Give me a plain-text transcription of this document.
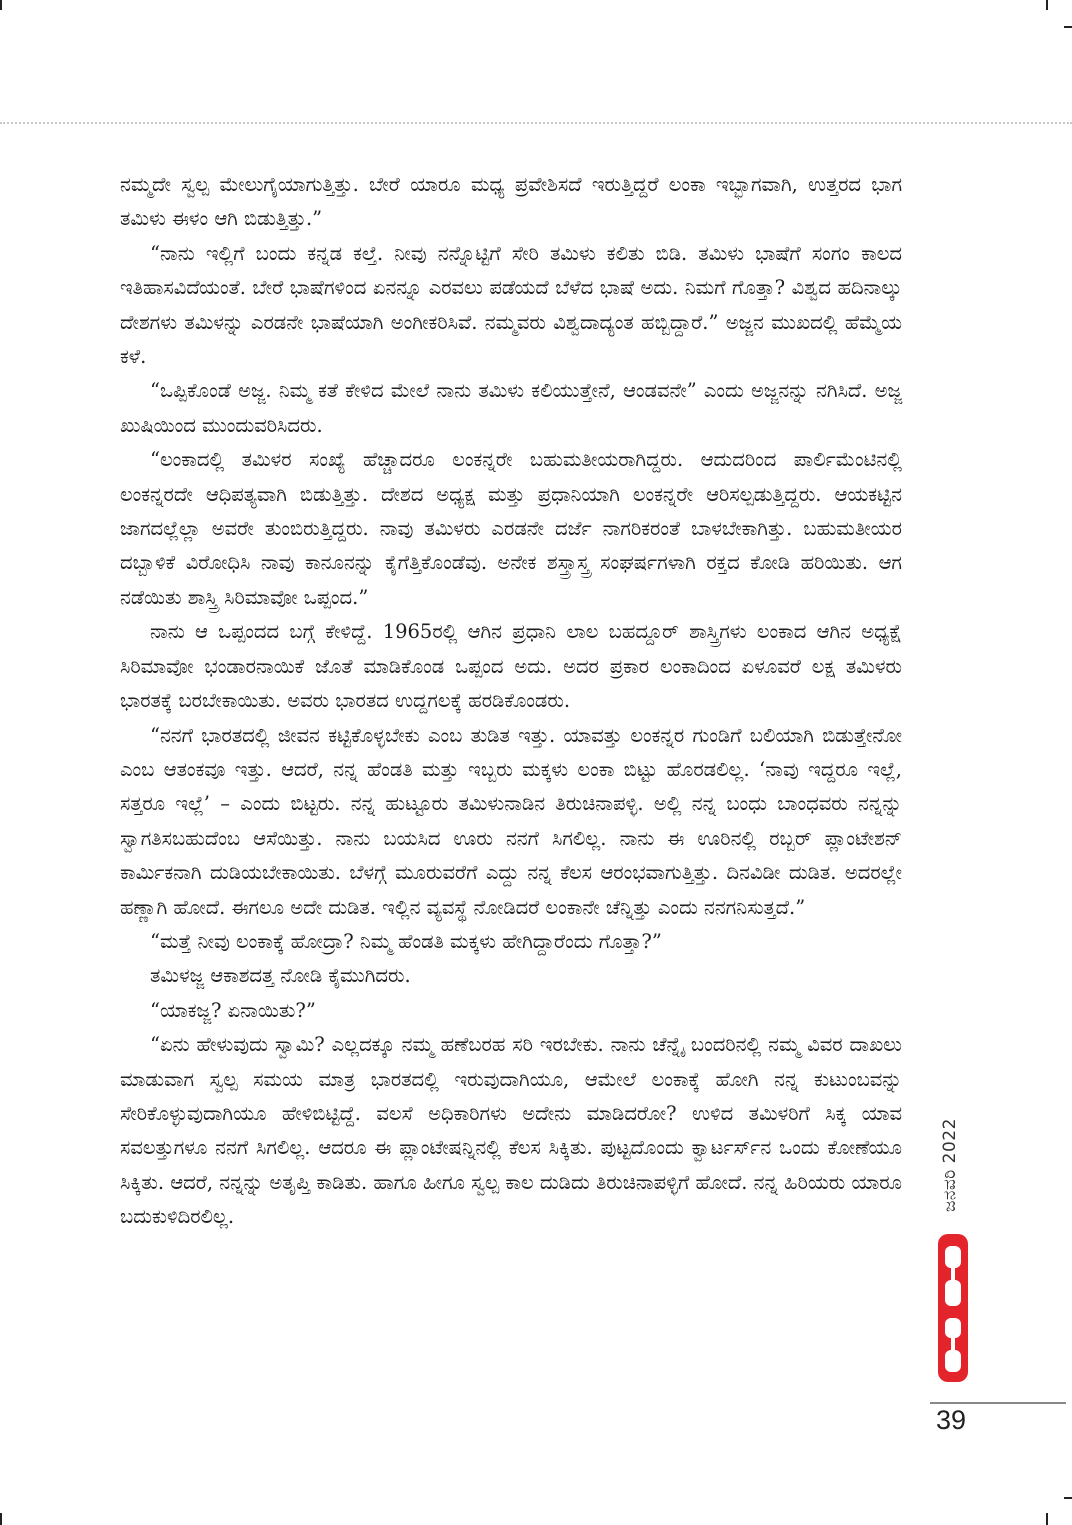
ನಮ್ಮದೇ ಸ್ವಲ್ಪ ಮೇಲುಗೈಯಾಗುತ್ತಿತ್ತು. ಬೇರೆ ಯಾರೂ ಮಧ್ಯ ಪ್ರವೇಶಿಸದೆ ಇರುತ್ತಿದ್ದರೆ ಲಂಕಾ ಇಬ್ಭಾಗವಾಗಿ, ಉತ್ತರದ ಭಾಗ ತಮಿಳು ಈಳಂ ಆಗಿ ಬಿಡುತ್ತಿತ್ತು.”

“ನಾನು ಇಲ್ಲಿಗೆ ಬಂದು ಕನ್ನಡ ಕಲ್ತೆ. ನೀವು ನನ್ನೊಟ್ಟಿಗೆ ಸೇರಿ ತಮಿಳು ಕಲಿತು ಬಿಡಿ. ತಮಿಳು ಭಾಷೆಗೆ ಸಂಗಂ ಕಾಲದ ಇತಿಹಾಸವಿದೆಯಂತೆ. ಬೇರೆ ಭಾಷೆಗಳಿಂದ ಏನನ್ನೂ ಎರವಲು ಪಡೆಯದೆ ಬೆಳೆದ ಭಾಷೆ ಅದು. ನಿಮಗೆ ಗೊತ್ತಾ? ವಿಶ್ವದ ಹದಿನಾಲ್ಕು ದೇಶಗಳು ತಮಿಳನ್ನು ಎರಡನೇ ಭಾಷೆಯಾಗಿ ಅಂಗೀಕರಿಸಿವೆ. ನಮ್ಮವರು ವಿಶ್ವದಾದ್ಯಂತ ಹಬ್ಬಿದ್ದಾರೆ.” ಅಜ್ಜನ ಮುಖದಲ್ಲಿ ಹೆಮ್ಮೆಯ ಕಳೆ.

“ಒಪ್ಪಿಕೊಂಡೆ ಅಜ್ಜ. ನಿಮ್ಮ ಕತೆ ಕೇಳಿದ ಮೇಲೆ ನಾನು ತಮಿಳು ಕಲಿಯುತ್ತೇನೆ, ಆಂಡವನೇ” ಎಂದು ಅಜ್ಜನನ್ನು ನಗಿಸಿದೆ. ಅಜ್ಜ ಖುಷಿಯಿಂದ ಮುಂದುವರಿಸಿದರು.

“ಲಂಕಾದಲ್ಲಿ ತಮಿಳರ ಸಂಖ್ಯೆ ಹೆಚ್ಚಾದರೂ ಲಂಕನ್ನರೇ ಬಹುಮತೀಯರಾಗಿದ್ದರು. ಆದುದರಿಂದ ಪಾರ್ಲಿಮೆಂಟಿನಲ್ಲಿ ಲಂಕನ್ನರದೇ ಆಧಿಪತ್ಯವಾಗಿ ಬಿಡುತ್ತಿತ್ತು. ದೇಶದ ಅಧ್ಯಕ್ಷ ಮತ್ತು ಪ್ರಧಾನಿಯಾಗಿ ಲಂಕನ್ನರೇ ಆರಿಸಲ್ಪಡುತ್ತಿದ್ದರು. ಆಯಕಟ್ಟಿನ ಜಾಗದಲ್ಲೆಲ್ಲಾ ಅವರೇ ತುಂಬಿರುತ್ತಿದ್ದರು. ನಾವು ತಮಿಳರು ಎರಡನೇ ದರ್ಜೆ ನಾಗರಿಕರಂತೆ ಬಾಳಬೇಕಾಗಿತ್ತು. ಬಹುಮತೀಯರ ದಬ್ಬಾಳಿಕೆ ವಿರೋಧಿಸಿ ನಾವು ಕಾನೂನನ್ನು ಕೈಗೆತ್ತಿಕೊಂಡೆವು. ಅನೇಕ ಶಸ್ತ್ರಾಸ್ತ್ರ ಸಂಘರ್ಷಗಳಾಗಿ ರಕ್ತದ ಕೋಡಿ ಹರಿಯಿತು. ಆಗ ನಡೆಯಿತು ಶಾಸ್ತ್ರಿ ಸಿರಿಮಾವೋ ಒಪ್ಪಂದ.”

ನಾನು ಆ ಒಪ್ಪಂದದ ಬಗ್ಗೆ ಕೇಳಿದ್ದೆ. 1965ರಲ್ಲಿ ಆಗಿನ ಪ್ರಧಾನಿ ಲಾಲ ಬಹದ್ದೂರ್ ಶಾಸ್ತ್ರಿಗಳು ಲಂಕಾದ ಆಗಿನ ಅಧ್ಯಕ್ಷೆ ಸಿರಿಮಾವೋ ಭಂಡಾರನಾಯಿಕೆ ಜೊತೆ ಮಾಡಿಕೊಂಡ ಒಪ್ಪಂದ ಅದು. ಅದರ ಪ್ರಕಾರ ಲಂಕಾದಿಂದ ಏಳೂವರೆ ಲಕ್ಷ ತಮಿಳರು ಭಾರತಕ್ಕೆ ಬರಬೇಕಾಯಿತು. ಅವರು ಭಾರತದ ಉದ್ದಗಲಕ್ಕೆ ಹರಡಿಕೊಂಡರು.

“ನನಗೆ ಭಾರತದಲ್ಲಿ ಜೀವನ ಕಟ್ಟಿಕೊಳ್ಳಬೇಕು ಎಂಬ ತುಡಿತ ಇತ್ತು. ಯಾವತ್ತು ಲಂಕನ್ನರ ಗುಂಡಿಗೆ ಬಲಿಯಾಗಿ ಬಿಡುತ್ತೇನೋ ಎಂಬ ಆತಂಕವೂ ಇತ್ತು. ಆದರೆ, ನನ್ನ ಹೆಂಡತಿ ಮತ್ತು ಇಬ್ಬರು ಮಕ್ಕಳು ಲಂಕಾ ಬಿಟ್ಟು ಹೊರಡಲಿಲ್ಲ. ‘ನಾವು ಇದ್ದರೂ ಇಲ್ಲೆ, ಸತ್ತರೂ ಇಲ್ಲೆ’ – ಎಂದು ಬಿಟ್ಟರು. ನನ್ನ ಹುಟ್ಟೂರು ತಮಿಳುನಾಡಿನ ತಿರುಚಿನಾಪಳ್ಳಿ. ಅಲ್ಲಿ ನನ್ನ ಬಂಧು ಬಾಂಧವರು ನನ್ನನ್ನು ಸ್ವಾಗತಿಸಬಹುದೆಂಬ ಆಸೆಯಿತ್ತು. ನಾನು ಬಯಸಿದ ಊರು ನನಗೆ ಸಿಗಲಿಲ್ಲ. ನಾನು ಈ ಊರಿನಲ್ಲಿ ರಬ್ಬರ್ ಪ್ಲಾಂಟೇಶನ್ ಕಾರ್ಮಿಕನಾಗಿ ದುಡಿಯಬೇಕಾಯಿತು. ಬೆಳಗ್ಗೆ ಮೂರುವರೆಗೆ ಎದ್ದು ನನ್ನ ಕೆಲಸ ಆರಂಭವಾಗುತ್ತಿತ್ತು. ದಿನವಿಡೀ ದುಡಿತ. ಅದರಲ್ಲೇ ಹಣ್ಣಾಗಿ ಹೋದೆ. ಈಗಲೂ ಅದೇ ದುಡಿತ. ಇಲ್ಲಿನ ವ್ಯವಸ್ಥೆ ನೋಡಿದರೆ ಲಂಕಾನೇ ಚೆನ್ನಿತ್ತು ಎಂದು ನನಗನಿಸುತ್ತದೆ.”

“ಮತ್ತೆ ನೀವು ಲಂಕಾಕ್ಕೆ ಹೋದ್ರಾ? ನಿಮ್ಮ ಹೆಂಡತಿ ಮಕ್ಕಳು ಹೇಗಿದ್ದಾರೆಂದು ಗೊತ್ತಾ?”

ತಮಿಳಜ್ಜ ಆಕಾಶದತ್ತ ನೋಡಿ ಕೈಮುಗಿದರು.

“ಯಾಕಜ್ಜ? ಏನಾಯಿತು?”

“ಏನು ಹೇಳುವುದು ಸ್ವಾಮಿ? ಎಲ್ಲದಕ್ಕೂ ನಮ್ಮ ಹಣೆಬರಹ ಸರಿ ಇರಬೇಕು. ನಾನು ಚೆನ್ನೈ ಬಂದರಿನಲ್ಲಿ ನಮ್ಮ ವಿವರ ದಾಖಲು ಮಾಡುವಾಗ ಸ್ವಲ್ಪ ಸಮಯ ಮಾತ್ರ ಭಾರತದಲ್ಲಿ ಇರುವುದಾಗಿಯೂ, ಆಮೇಲೆ ಲಂಕಾಕ್ಕೆ ಹೋಗಿ ನನ್ನ ಕುಟುಂಬವನ್ನು ಸೇರಿಕೊಳ್ಳುವುದಾಗಿಯೂ ಹೇಳಿಬಿಟ್ಟಿದ್ದೆ. ವಲಸೆ ಅಧಿಕಾರಿಗಳು ಅದೇನು ಮಾಡಿದರೋ? ಉಳಿದ ತಮಿಳರಿಗೆ ಸಿಕ್ಕ ಯಾವ ಸವಲತ್ತುಗಳೂ ನನಗೆ ಸಿಗಲಿಲ್ಲ. ಆದರೂ ಈ ಪ್ಲಾಂಟೇಷನ್ನಿನಲ್ಲಿ ಕೆಲಸ ಸಿಕ್ಕಿತು. ಪುಟ್ಟದೊಂದು ಕ್ವಾರ್ಟರ್ಸ್‌ನ ಒಂದು ಕೋಣೆಯೂ ಸಿಕ್ಕಿತು. ಆದರೆ, ನನ್ನನ್ನು ಅತೃಪ್ತಿ ಕಾಡಿತು. ಹಾಗೂ ಹೀಗೂ ಸ್ವಲ್ಪ ಕಾಲ ದುಡಿದು ತಿರುಚಿನಾಪಳ್ಳಿಗೆ ಹೋದೆ. ನನ್ನ ಹಿರಿಯರು ಯಾರೂ ಬದುಕುಳಿದಿರಲಿಲ್ಲ.

ಜನವರಿ 2022
39
